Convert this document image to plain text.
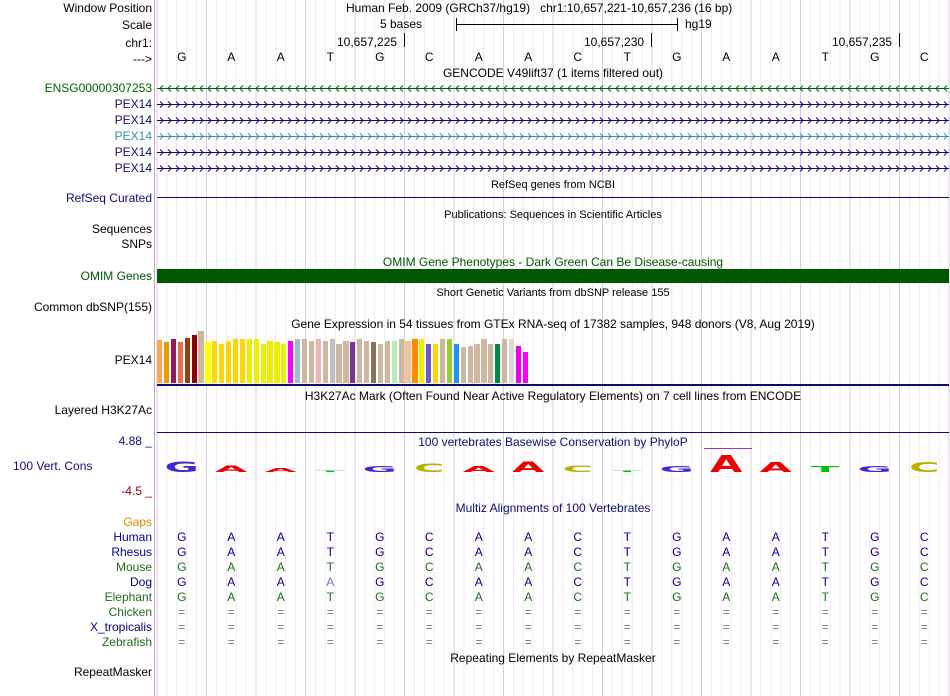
Window Position	Human Feb. 2009 (GRCh37/hg19)   chr1:10,657,221-10,657,236 (16 bp)
Scale	5 bases	hg19
chr1:	10,657,225	10,657,230	10,657,235
---> G	A	A	T	G	C	A	A	C	T	G	A	A	T	G	C
GENCODE V49lift37 (1 items filtered out)
ENSG00000307253
PEX14
PEX14
PEX14
PEX14
PEX14
RefSeq genes from NCBI
RefSeq Curated
Publications: Sequences in Scientific Articles
Sequences
SNPs
OMIM Gene Phenotypes - Dark Green Can Be Disease-causing
OMIM Genes
Short Genetic Variants from dbSNP release 155
Common dbSNP(155)
Gene Expression in 54 tissues from GTEx RNA-seq of 17382 samples, 948 donors (V8, Aug 2019)
PEX14
H3K27Ac Mark (Often Found Near Active Regulatory Elements) on 7 cell lines from ENCODE
Layered H3K27Ac
4.88 _	100 vertebrates Basewise Conservation by PhyloP
100 Vert. Cons	G A A T G C A A C T G A A T G C
-4.5 _
Multiz Alignments of 100 Vertebrates
Gaps
Human G	A	A	T	G	C	A	A	C	T	G	A	A	T	G	C
Rhesus G	A	A	T	G	C	A	A	C	T	G	A	A	T	G	C
Mouse G	A	A	T	G	C	A	A	C	T	G	A	A	T	G	C
Dog G	A	A	A	G	C	A	A	C	T	G	A	A	T	G	C
Elephant G	A	A	T	G	C	A	A	C	T	G	A	A	T	G	C
Chicken	=	=	=	=	=	=	=	=	=	=	=	=	=	=	=	=
X_tropicalis	=	=	=	=	=	=	=	=	=	=	=	=	=	=	=	=
Zebrafish	=	=	=	=	=	=	=	=	=	=	=	=	=	=	=	=
Repeating Elements by RepeatMasker
RepeatMasker
